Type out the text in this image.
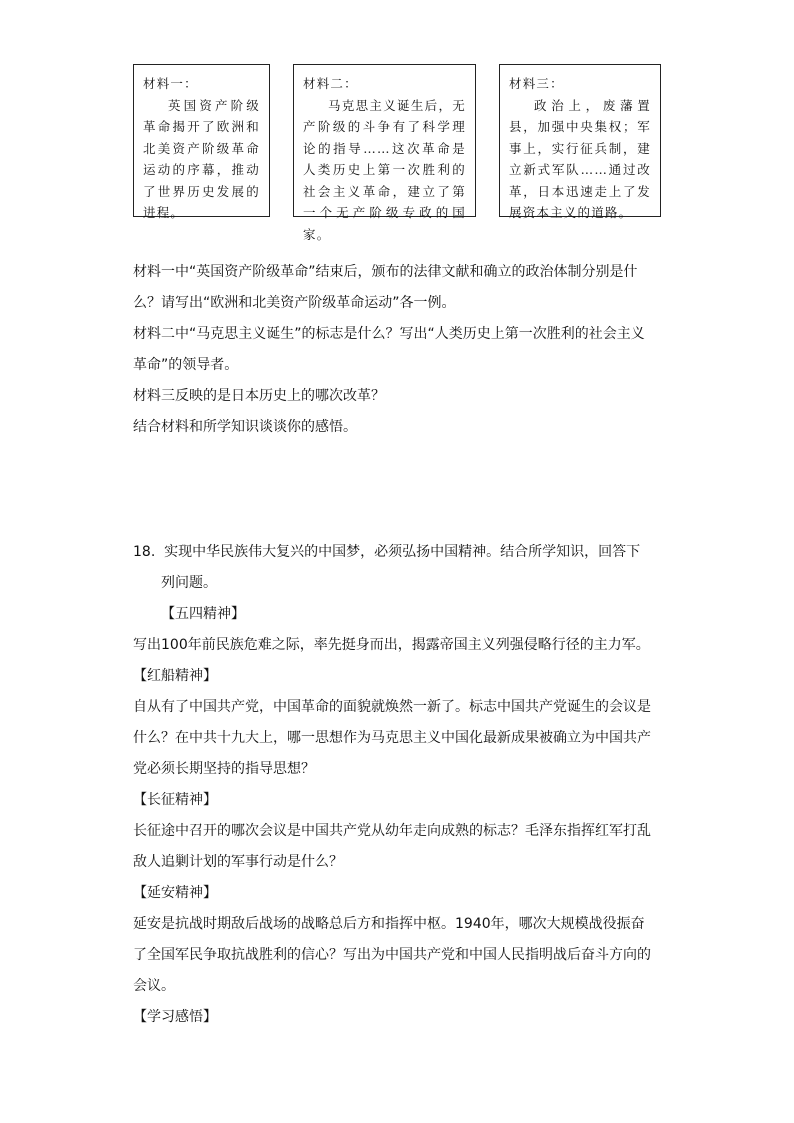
材料一：
英国资产阶级革命揭开了欧洲和北美资产阶级革命运动的序幕，推动了世界历史发展的进程。
材料二：
马克思主义诞生后，无产阶级的斗争有了科学理论的指导……这次革命是人类历史上第一次胜利的社会主义革命，建立了第一个无产阶级专政的国家。
材料三：
政治上，废藩置县，加强中央集权；军事上，实行征兵制，建立新式军队……通过改革，日本迅速走上了发展资本主义的道路。

材料一中“英国资产阶级革命”结束后，颁布的法律文献和确立的政治体制分别是什么？请写出“欧洲和北美资产阶级革命运动”各一例。

材料二中“马克思主义诞生”的标志是什么？写出“人类历史上第一次胜利的社会主义革命”的领导者。

材料三反映的是日本历史上的哪次改革？

结合材料和所学知识谈谈你的感悟。

18. 实现中华民族伟大复兴的中国梦，必须弘扬中国精神。结合所学知识，回答下列问题。

【五四精神】

写出100年前民族危难之际，率先挺身而出，揭露帝国主义列强侵略行径的主力军。

【红船精神】

自从有了中国共产党，中国革命的面貌就焕然一新了。标志中国共产党诞生的会议是什么？在中共十九大上，哪一思想作为马克思主义中国化最新成果被确立为中国共产党必须长期坚持的指导思想？

【长征精神】

长征途中召开的哪次会议是中国共产党从幼年走向成熟的标志？毛泽东指挥红军打乱敌人追剿计划的军事行动是什么？

【延安精神】

延安是抗战时期敌后战场的战略总后方和指挥中枢。1940年，哪次大规模战役振奋了全国军民争取抗战胜利的信心？写出为中国共产党和中国人民指明战后奋斗方向的会议。

【学习感悟】
